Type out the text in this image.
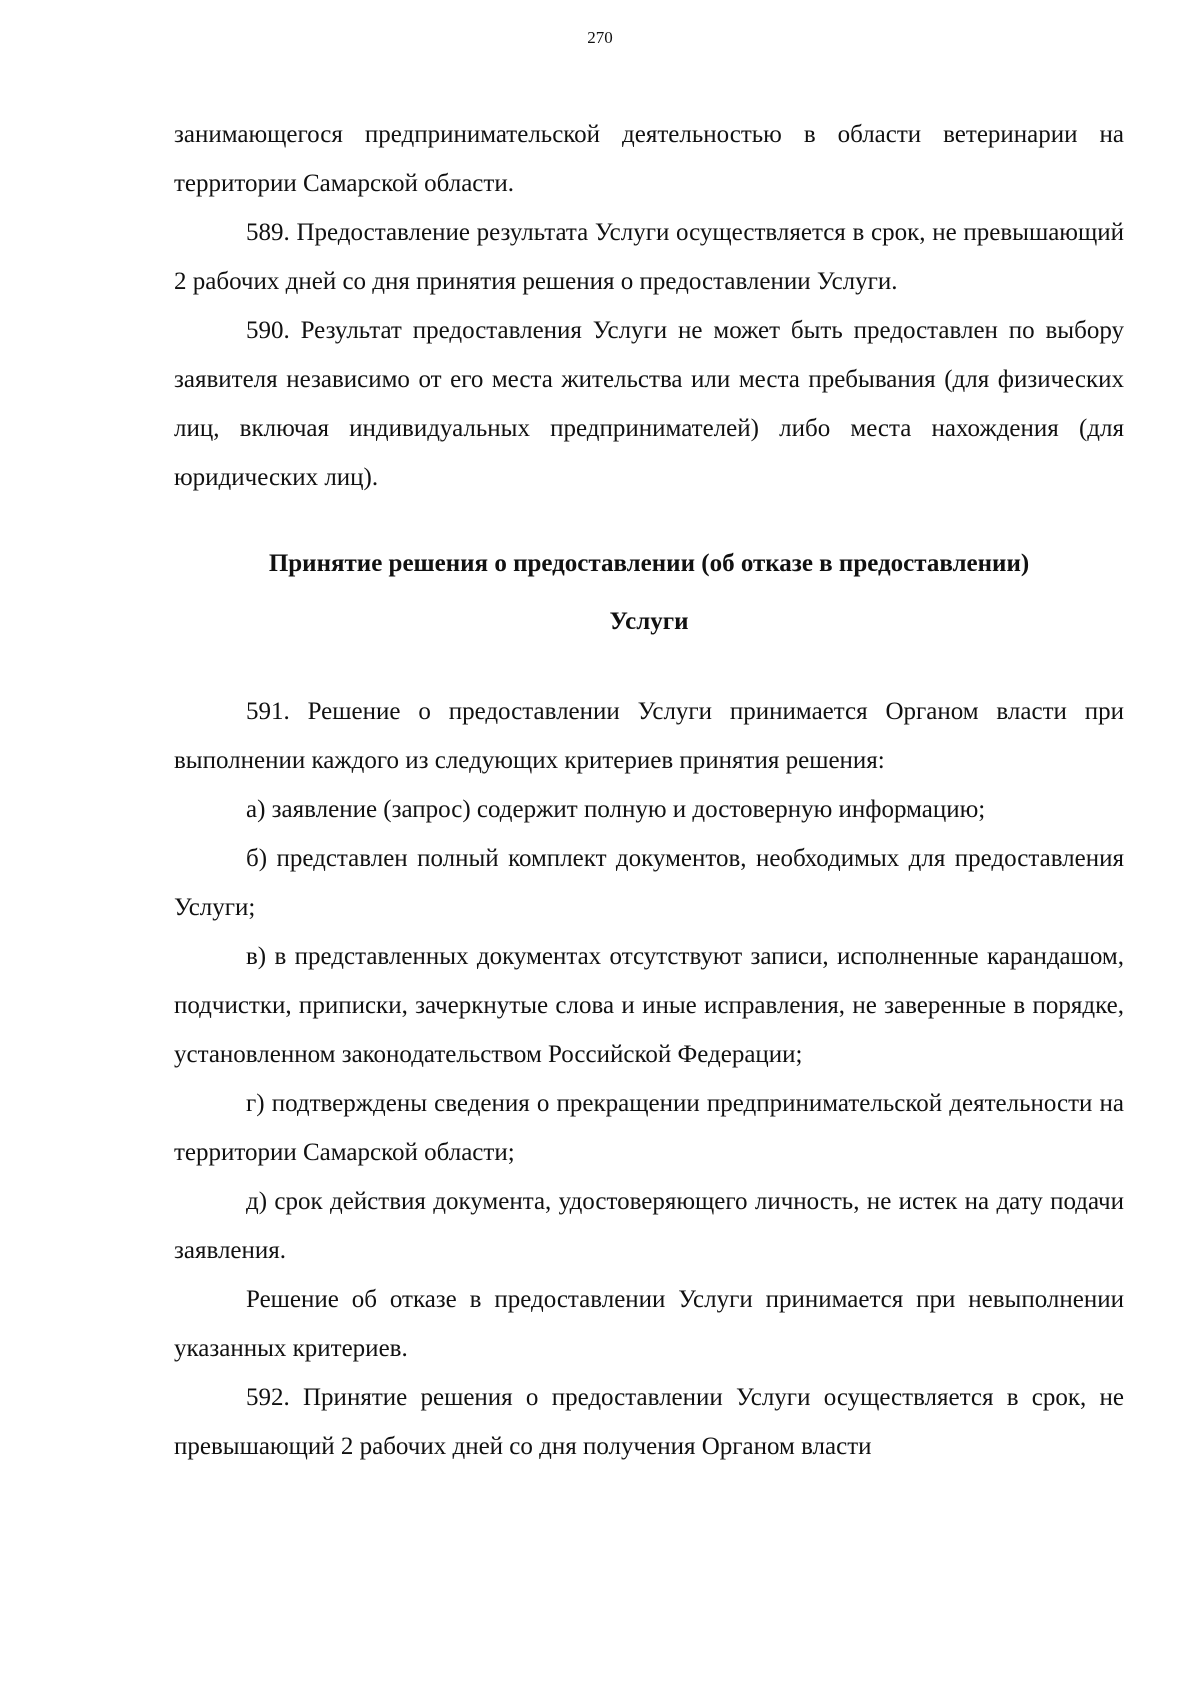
270

занимающегося предпринимательской деятельностью в области ветеринарии на территории Самарской области.

589. Предоставление результата Услуги осуществляется в срок, не превышающий 2 рабочих дней со дня принятия решения о предоставлении Услуги.

590. Результат предоставления Услуги не может быть предоставлен по выбору заявителя независимо от его места жительства или места пребывания (для физических лиц, включая индивидуальных предпринимателей) либо места нахождения (для юридических лиц).

Принятие решения о предоставлении (об отказе в предоставлении)
Услуги

591. Решение о предоставлении Услуги принимается Органом власти при выполнении каждого из следующих критериев принятия решения:

а) заявление (запрос) содержит полную и достоверную информацию;

б) представлен полный комплект документов, необходимых для предоставления Услуги;

в) в представленных документах отсутствуют записи, исполненные карандашом, подчистки, приписки, зачеркнутые слова и иные исправления, не заверенные в порядке, установленном законодательством Российской Федерации;

г) подтверждены сведения о прекращении предпринимательской деятельности на территории Самарской области;

д) срок действия документа, удостоверяющего личность, не истек на дату подачи заявления.

Решение об отказе в предоставлении Услуги принимается при невыполнении указанных критериев.

592. Принятие решения о предоставлении Услуги осуществляется в срок, не превышающий 2 рабочих дней со дня получения Органом власти
